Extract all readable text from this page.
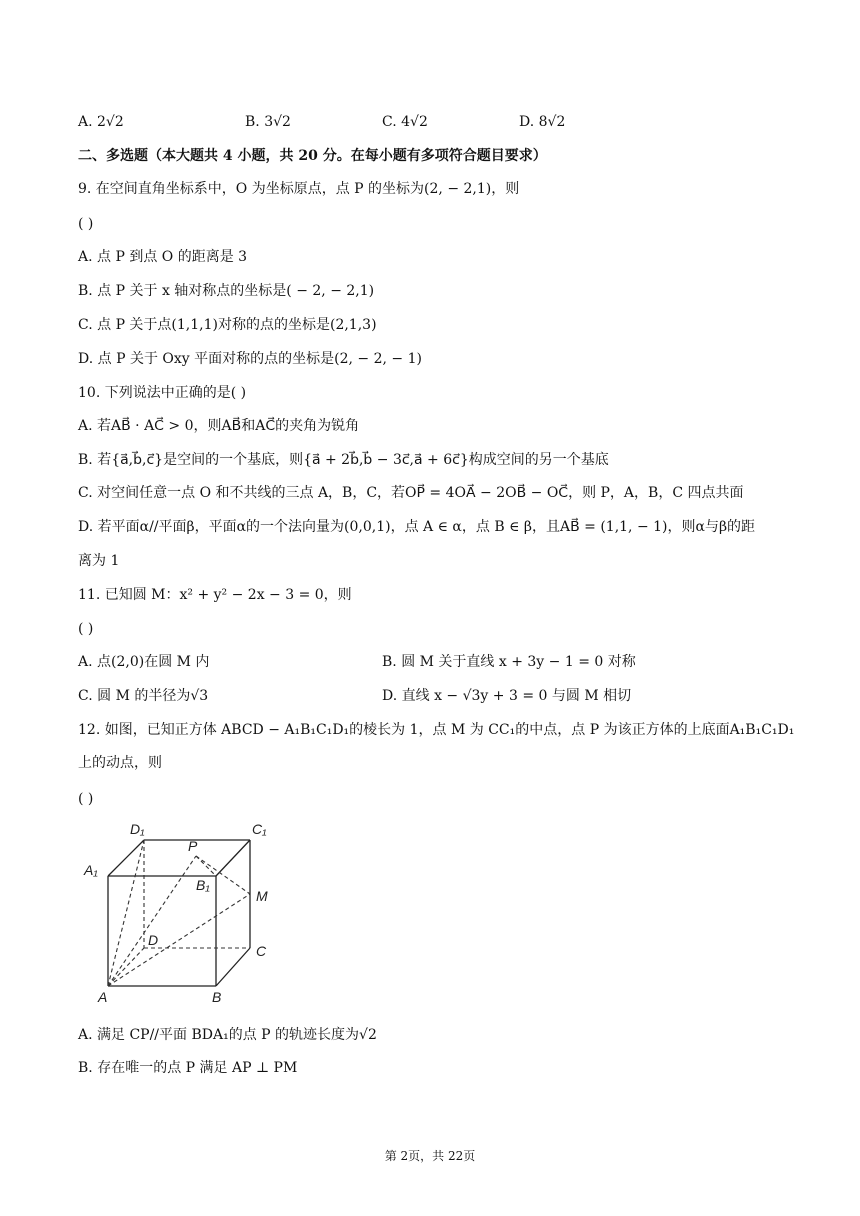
A. 2√2	B. 3√2	C. 4√2	D. 8√2
二、多选题（本大题共 4 小题，共 20 分。在每小题有多项符合题目要求）
9. 在空间直角坐标系中，O 为坐标原点，点 P 的坐标为(2, − 2,1)，则
( )
A. 点 P 到点 O 的距离是 3
B. 点 P 关于 x 轴对称点的坐标是( − 2, − 2,1)
C. 点 P 关于点(1,1,1)对称的点的坐标是(2,1,3)
D. 点 P 关于 Oxy 平面对称的点的坐标是(2, − 2, − 1)
10. 下列说法中正确的是( )
A. 若AB⃗ · AC⃗ > 0，则AB⃗和AC⃗的夹角为锐角
B. 若{a⃗,b⃗,c⃗}是空间的一个基底，则{a⃗ + 2b⃗,b⃗ − 3c⃗,a⃗ + 6c⃗}构成空间的另一个基底
C. 对空间任意一点 O 和不共线的三点 A，B，C，若OP⃗ = 4OA⃗ − 2OB⃗ − OC⃗，则 P，A，B，C 四点共面
D. 若平面α//平面β，平面α的一个法向量为(0,0,1)，点 A ∈ α，点 B ∈ β，且AB⃗ = (1,1, − 1)，则α与β的距
离为 1
11. 已知圆 M：x² + y² − 2x − 3 = 0，则
( )
A. 点(2,0)在圆 M 内	B. 圆 M 关于直线 x + 3y − 1 = 0 对称
C. 圆 M 的半径为√3	D. 直线 x − √3y + 3 = 0 与圆 M 相切
12. 如图，已知正方体 ABCD − A₁B₁C₁D₁的棱长为 1，点 M 为 CC₁的中点，点 P 为该正方体的上底面A₁B₁C₁D₁
上的动点，则
( )
D₁	C₁
A₁
P
B₁
M
D
C
A	B
A. 满足 CP//平面 BDA₁的点 P 的轨迹长度为√2
B. 存在唯一的点 P 满足 AP ⊥ PM
第 2页，共 22页
